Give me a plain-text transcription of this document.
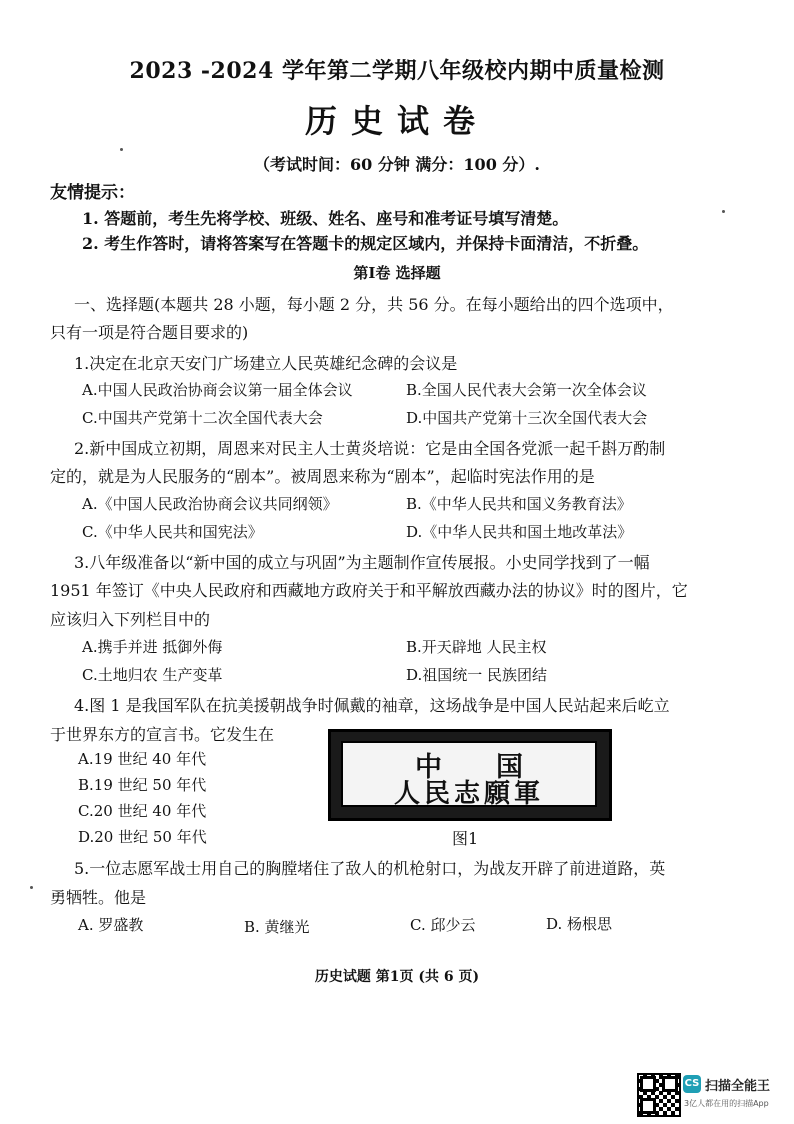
2023 -2024 学年第二学期八年级校内期中质量检测
历史试卷
（考试时间：60 分钟 满分：100 分）.
友情提示：
1. 答题前，考生先将学校、班级、姓名、座号和准考证号填写清楚。
2. 考生作答时，请将答案写在答题卡的规定区域内，并保持卡面清洁，不折叠。
第Ⅰ卷 选择题
一、选择题(本题共 28 小题，每小题 2 分，共 56 分。在每小题给出的四个选项中，
只有一项是符合题目要求的)
1.决定在北京天安门广场建立人民英雄纪念碑的会议是
A.中国人民政治协商会议第一届全体会议	B.全国人民代表大会第一次全体会议
C.中国共产党第十二次全国代表大会	D.中国共产党第十三次全国代表大会
2.新中国成立初期，周恩来对民主人士黄炎培说：它是由全国各党派一起千斟万酌制
定的，就是为人民服务的“剧本”。被周恩来称为“剧本”，起临时宪法作用的是
A.《中国人民政治协商会议共同纲领》	B.《中华人民共和国义务教育法》
C.《中华人民共和国宪法》	D.《中华人民共和国土地改革法》
3.八年级准备以“新中国的成立与巩固”为主题制作宣传展报。小史同学找到了一幅
1951 年签订《中央人民政府和西藏地方政府关于和平解放西藏办法的协议》时的图片，它
应该归入下列栏目中的
A.携手并进 抵御外侮	B.开天辟地 人民主权
C.土地归农 生产变革	D.祖国统一 民族团结
4.图 1 是我国军队在抗美援朝战争时佩戴的袖章，这场战争是中国人民站起来后屹立
于世界东方的宣言书。它发生在
A.19 世纪 40 年代
B.19 世纪 50 年代
C.20 世纪 40 年代
D.20 世纪 50 年代
中国
人民志願軍
图1
5.一位志愿军战士用自己的胸膛堵住了敌人的机枪射口，为战友开辟了前进道路，英
勇牺牲。他是
A. 罗盛教	B. 黄继光	C. 邱少云	D. 杨根思
历史试题 第1页 (共 6 页)
CS 扫描全能王
3亿人都在用的扫描App
